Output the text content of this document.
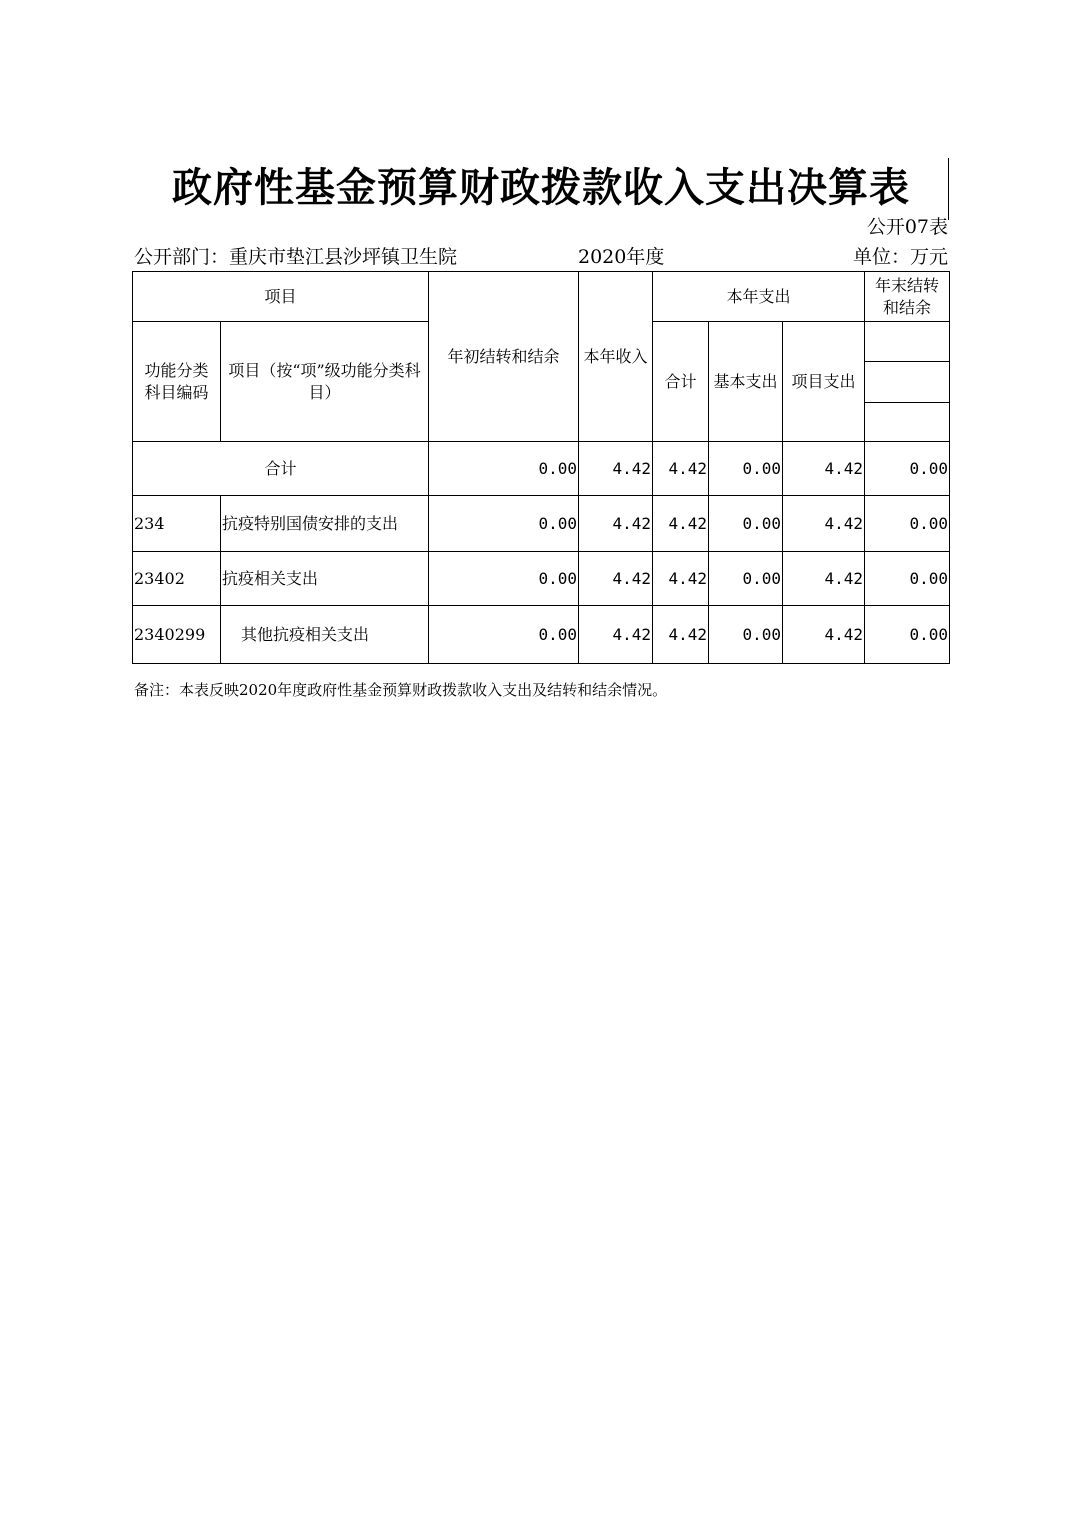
政府性基金预算财政拨款收入支出决算表
公开07表
公开部门：重庆市垫江县沙坪镇卫生院	2020年度	单位：万元
项目		年初结转和结余	本年收入	本年支出			年末结转和结余
功能分类科目编码	项目（按“项”级功能分类科目）			合计	基本支出	项目支出	

合计		0.00	4.42	4.42	0.00	4.42	0.00
234	抗疫特别国债安排的支出	0.00	4.42	4.42	0.00	4.42	0.00
23402	抗疫相关支出	0.00	4.42	4.42	0.00	4.42	0.00
2340299	其他抗疫相关支出	0.00	4.42	4.42	0.00	4.42	0.00
备注：本表反映2020年度政府性基金预算财政拨款收入支出及结转和结余情况。
